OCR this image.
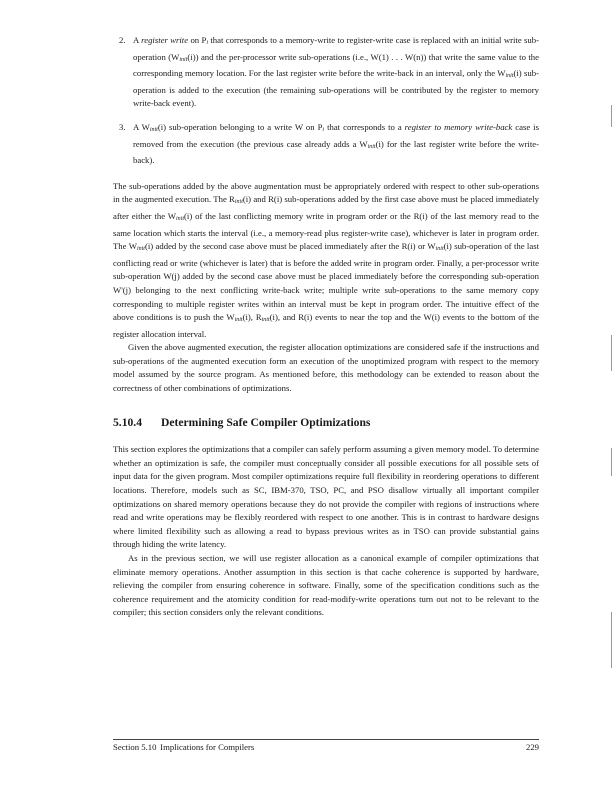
2. A register write on $P_i$ that corresponds to a memory-write to register-write case is replaced with an initial write sub-operation $(W_{init}(i))$ and the per-processor write sub-operations (i.e., W(1) . . . W(n)) that write the same value to the corresponding memory location. For the last register write before the write-back in an interval, only the $W_{init}(i)$ sub-operation is added to the execution (the remaining sub-operations will be contributed by the register to memory write-back event).

3. A $W_{init}(i)$ sub-operation belonging to a write W on $P_i$ that corresponds to a register to memory write-back case is removed from the execution (the previous case already adds a $W_{init}(i)$ for the last register write before the write-back).

The sub-operations added by the above augmentation must be appropriately ordered with respect to other sub-operations in the augmented execution. The $R_{init}(i)$ and R(i) sub-operations added by the first case above must be placed immediately after either the $W_{init}(i)$ of the last conflicting memory write in program order or the R(i) of the last memory read to the same location which starts the interval (i.e., a memory-read plus register-write case), whichever is later in program order. The $W_{init}(i)$ added by the second case above must be placed immediately after the R(i) or $W_{init}(i)$ sub-operation of the last conflicting read or write (whichever is later) that is before the added write in program order. Finally, a per-processor write sub-operation W(j) added by the second case above must be placed immediately before the corresponding sub-operation W'(j) belonging to the next conflicting write-back write; multiple write sub-operations to the same memory copy corresponding to multiple register writes within an interval must be kept in program order. The intuitive effect of the above conditions is to push the $W_{init}(i)$, $R_{init}(i)$, and R(i) events to near the top and the W(i) events to the bottom of the register allocation interval.

Given the above augmented execution, the register allocation optimizations are considered safe if the instructions and sub-operations of the augmented execution form an execution of the unoptimized program with respect to the memory model assumed by the source program. As mentioned before, this methodology can be extended to reason about the correctness of other combinations of optimizations.

5.10.4 Determining Safe Compiler Optimizations

This section explores the optimizations that a compiler can safely perform assuming a given memory model. To determine whether an optimization is safe, the compiler must conceptually consider all possible executions for all possible sets of input data for the given program. Most compiler optimizations require full flexibility in reordering operations to different locations. Therefore, models such as SC, IBM-370, TSO, PC, and PSO disallow virtually all important compiler optimizations on shared memory operations because they do not provide the compiler with regions of instructions where read and write operations may be flexibly reordered with respect to one another. This is in contrast to hardware designs where limited flexibility such as allowing a read to bypass previous writes as in TSO can provide substantial gains through hiding the write latency.

As in the previous section, we will use register allocation as a canonical example of compiler optimizations that eliminate memory operations. Another assumption in this section is that cache coherence is supported by hardware, relieving the compiler from ensuring coherence in software. Finally, some of the specification conditions such as the coherence requirement and the atomicity condition for read-modify-write operations turn out not to be relevant to the compiler; this section considers only the relevant conditions.

Section 5.10 Implications for Compilers	229
